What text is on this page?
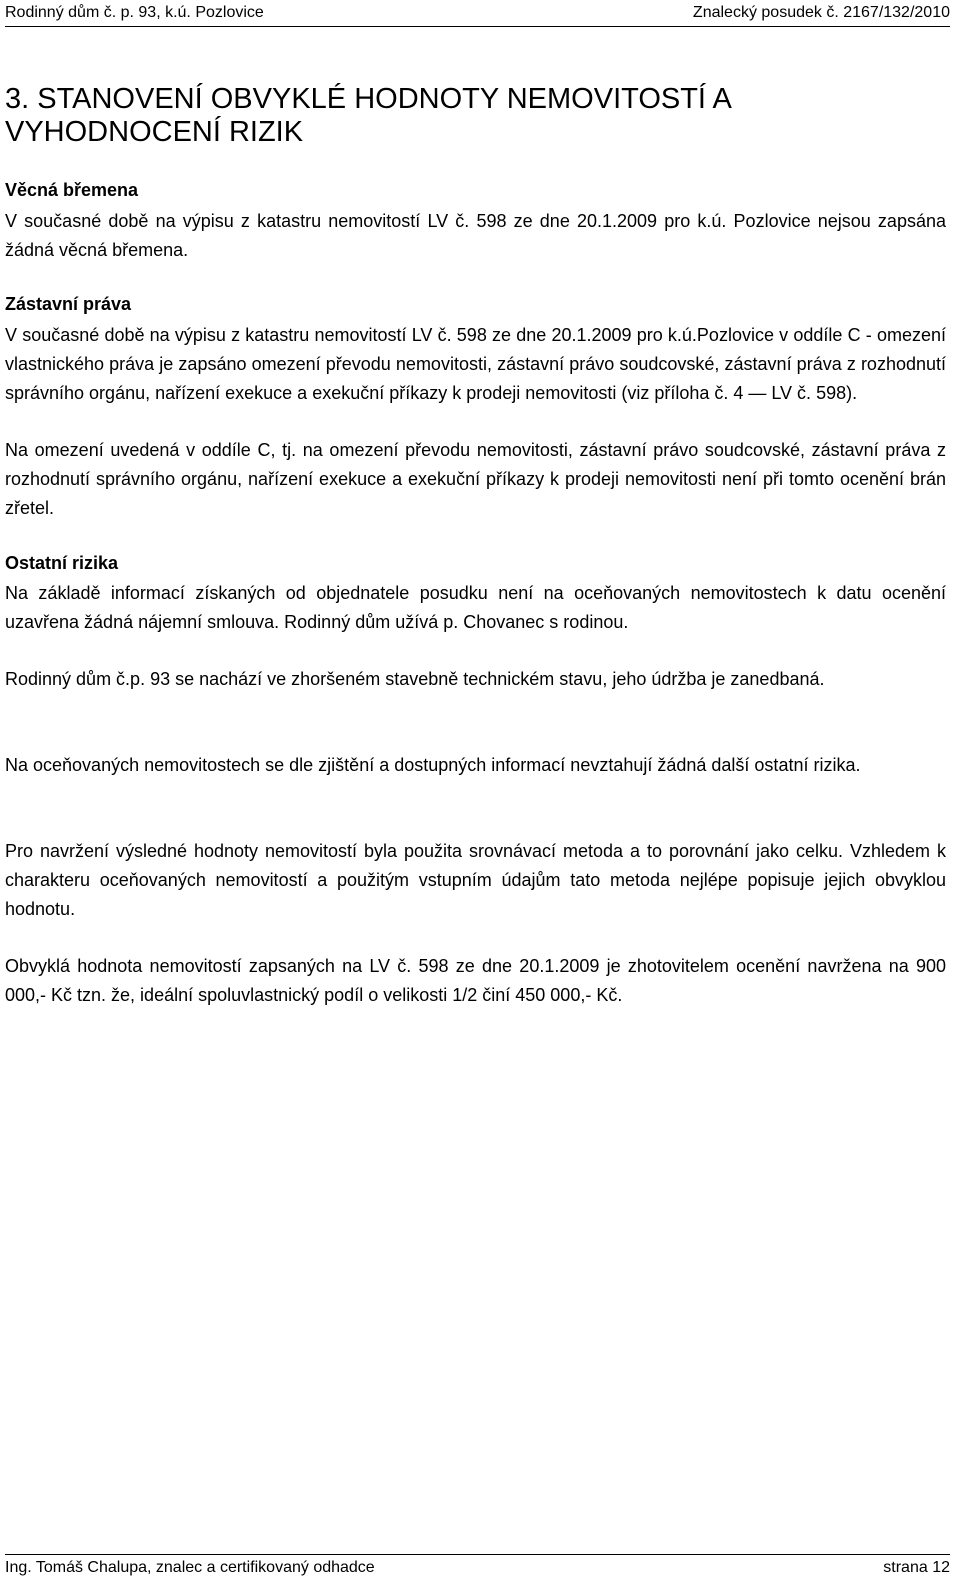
Rodinný dům č. p. 93, k.ú. Pozlovice	Znalecký posudek č. 2167/132/2010
3. STANOVENÍ OBVYKLÉ HODNOTY NEMOVITOSTÍ A VYHODNOCENÍ RIZIK
Věcná břemena

V současné době na výpisu z katastru nemovitostí LV č. 598 ze dne 20.1.2009 pro k.ú. Pozlovice nejsou zapsána žádná věcná břemena.

Zástavní práva

V současné době na výpisu z katastru nemovitostí LV č. 598 ze dne 20.1.2009 pro k.ú.Pozlovice v oddíle C - omezení vlastnického práva je zapsáno omezení převodu nemovitosti, zástavní právo soudcovské, zástavní práva z rozhodnutí správního orgánu, nařízení exekuce a exekuční příkazy k prodeji nemovitosti (viz příloha č. 4 — LV č. 598).

Na omezení uvedená v oddíle C, tj. na omezení převodu nemovitosti, zástavní právo soudcovské, zástavní práva z rozhodnutí správního orgánu, nařízení exekuce a exekuční příkazy k prodeji nemovitosti není při tomto ocenění brán zřetel.

Ostatní rizika

Na základě informací získaných od objednatele posudku není na oceňovaných nemovitostech k datu ocenění uzavřena žádná nájemní smlouva. Rodinný dům užívá p. Chovanec s rodinou.

Rodinný dům č.p. 93 se nachází ve zhoršeném stavebně technickém stavu, jeho údržba je zanedbaná.

Na oceňovaných nemovitostech se dle zjištění a dostupných informací nevztahují žádná další ostatní rizika.

Pro navržení výsledné hodnoty nemovitostí byla použita srovnávací metoda a to porovnání jako celku. Vzhledem k charakteru oceňovaných nemovitostí a použitým vstupním údajům tato metoda nejlépe popisuje jejich obvyklou hodnotu.

Obvyklá hodnota nemovitostí zapsaných na LV č. 598 ze dne 20.1.2009 je zhotovitelem ocenění navržena na 900 000,- Kč tzn. že, ideální spoluvlastnický podíl o velikosti 1/2 činí 450 000,- Kč.

Ing. Tomáš Chalupa, znalec a certifikovaný odhadce	strana 12
